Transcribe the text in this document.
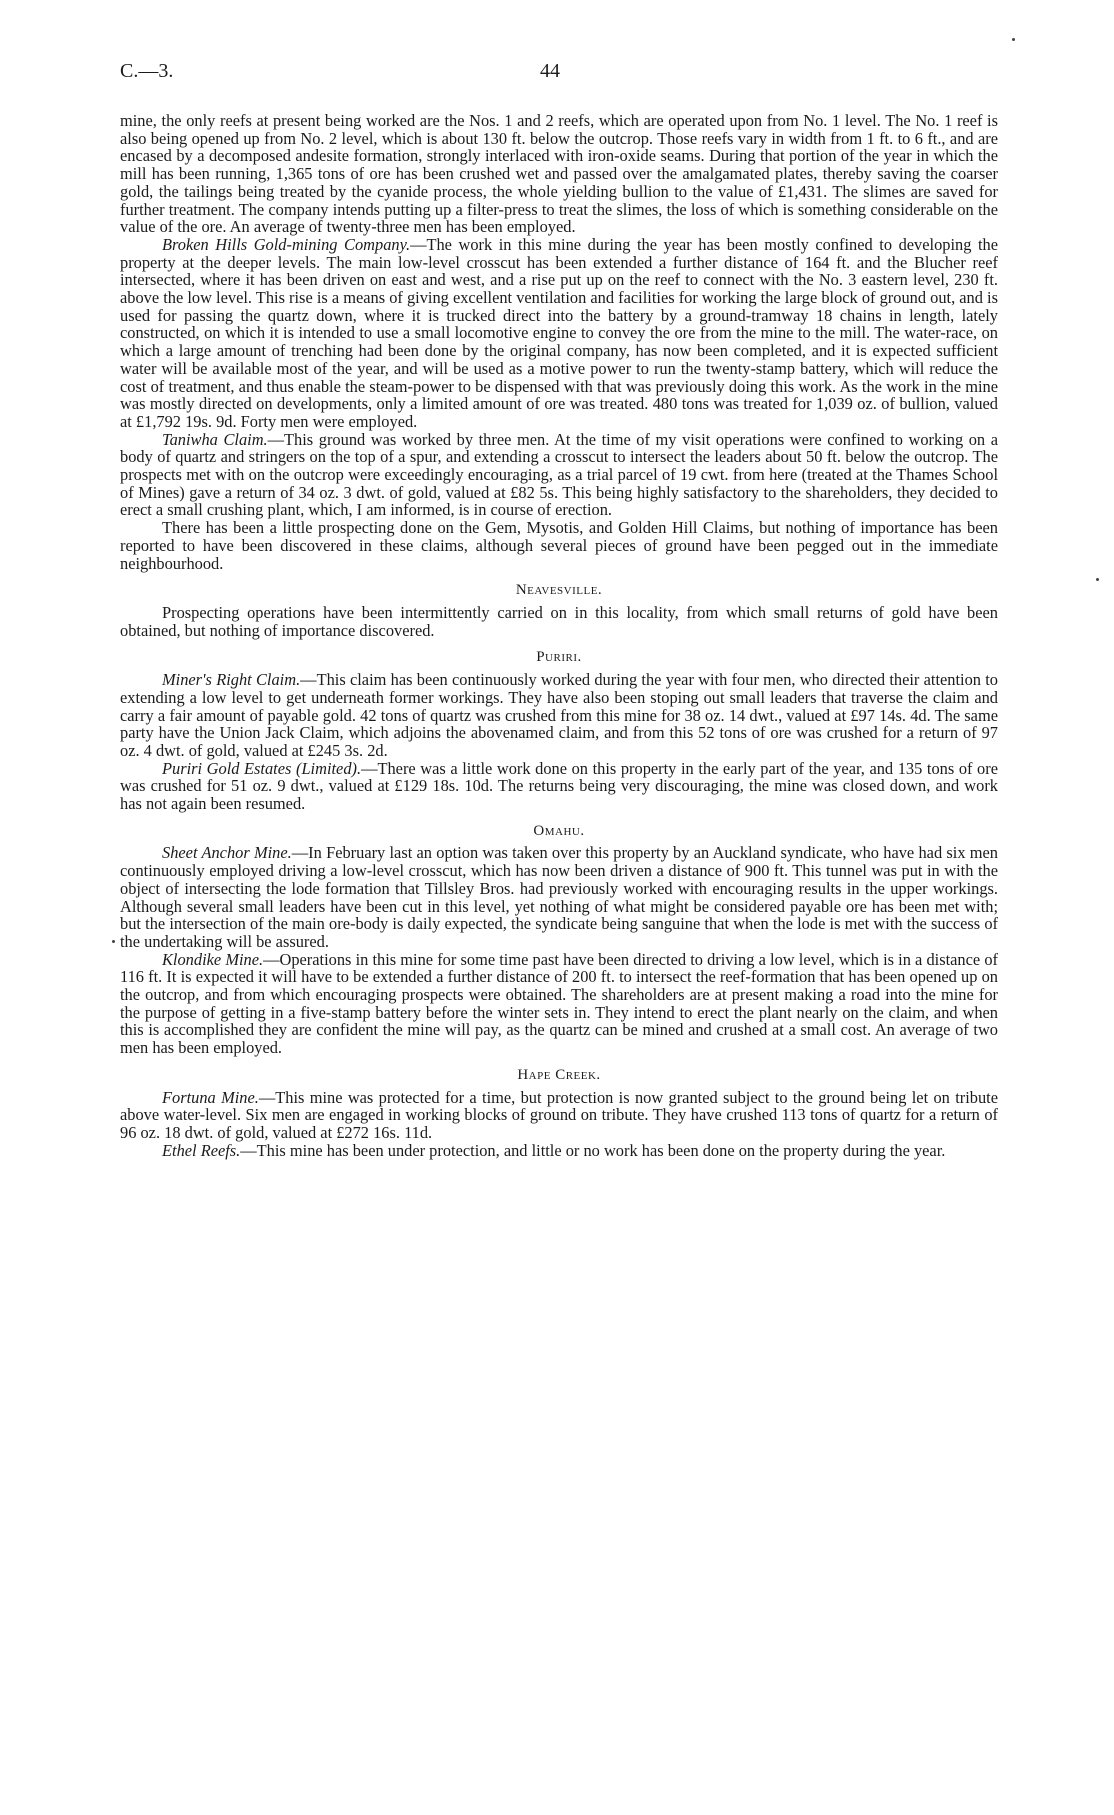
C.—3.	44

mine, the only reefs at present being worked are the Nos. 1 and 2 reefs, which are operated upon from No. 1 level. The No. 1 reef is also being opened up from No. 2 level, which is about 130 ft. below the outcrop. Those reefs vary in width from 1 ft. to 6 ft., and are encased by a decomposed andesite formation, strongly interlaced with iron-oxide seams. During that portion of the year in which the mill has been running, 1,365 tons of ore has been crushed wet and passed over the amalgamated plates, thereby saving the coarser gold, the tailings being treated by the cyanide process, the whole yielding bullion to the value of £1,431. The slimes are saved for further treatment. The company intends putting up a filter-press to treat the slimes, the loss of which is something considerable on the value of the ore. An average of twenty-three men has been employed.

Broken Hills Gold-mining Company.—The work in this mine during the year has been mostly confined to developing the property at the deeper levels. The main low-level crosscut has been extended a further distance of 164 ft. and the Blucher reef intersected, where it has been driven on east and west, and a rise put up on the reef to connect with the No. 3 eastern level, 230 ft. above the low level. This rise is a means of giving excellent ventilation and facilities for working the large block of ground out, and is used for passing the quartz down, where it is trucked direct into the battery by a ground-tramway 18 chains in length, lately constructed, on which it is intended to use a small locomotive engine to convey the ore from the mine to the mill. The water-race, on which a large amount of trenching had been done by the original company, has now been completed, and it is expected sufficient water will be available most of the year, and will be used as a motive power to run the twenty-stamp battery, which will reduce the cost of treatment, and thus enable the steam-power to be dispensed with that was previously doing this work. As the work in the mine was mostly directed on developments, only a limited amount of ore was treated. 480 tons was treated for 1,039 oz. of bullion, valued at £1,792 19s. 9d. Forty men were employed.

Taniwha Claim.—This ground was worked by three men. At the time of my visit operations were confined to working on a body of quartz and stringers on the top of a spur, and extending a crosscut to intersect the leaders about 50 ft. below the outcrop. The prospects met with on the outcrop were exceedingly encouraging, as a trial parcel of 19 cwt. from here (treated at the Thames School of Mines) gave a return of 34 oz. 3 dwt. of gold, valued at £82 5s. This being highly satisfactory to the shareholders, they decided to erect a small crushing plant, which, I am informed, is in course of erection.

There has been a little prospecting done on the Gem, Mysotis, and Golden Hill Claims, but nothing of importance has been reported to have been discovered in these claims, although several pieces of ground have been pegged out in the immediate neighbourhood.

Neavesville.

Prospecting operations have been intermittently carried on in this locality, from which small returns of gold have been obtained, but nothing of importance discovered.

Puriri.

Miner's Right Claim.—This claim has been continuously worked during the year with four men, who directed their attention to extending a low level to get underneath former workings. They have also been stoping out small leaders that traverse the claim and carry a fair amount of payable gold. 42 tons of quartz was crushed from this mine for 38 oz. 14 dwt., valued at £97 14s. 4d. The same party have the Union Jack Claim, which adjoins the abovenamed claim, and from this 52 tons of ore was crushed for a return of 97 oz. 4 dwt. of gold, valued at £245 3s. 2d.

Puriri Gold Estates (Limited).—There was a little work done on this property in the early part of the year, and 135 tons of ore was crushed for 51 oz. 9 dwt., valued at £129 18s. 10d. The returns being very discouraging, the mine was closed down, and work has not again been resumed.

Omahu.

Sheet Anchor Mine.—In February last an option was taken over this property by an Auckland syndicate, who have had six men continuously employed driving a low-level crosscut, which has now been driven a distance of 900 ft. This tunnel was put in with the object of intersecting the lode formation that Tillsley Bros. had previously worked with encouraging results in the upper workings. Although several small leaders have been cut in this level, yet nothing of what might be considered payable ore has been met with; but the intersection of the main ore-body is daily expected, the syndicate being sanguine that when the lode is met with the success of the undertaking will be assured.

Klondike Mine.—Operations in this mine for some time past have been directed to driving a low level, which is in a distance of 116 ft. It is expected it will have to be extended a further distance of 200 ft. to intersect the reef-formation that has been opened up on the outcrop, and from which encouraging prospects were obtained. The shareholders are at present making a road into the mine for the purpose of getting in a five-stamp battery before the winter sets in. They intend to erect the plant nearly on the claim, and when this is accomplished they are confident the mine will pay, as the quartz can be mined and crushed at a small cost. An average of two men has been employed.

Hape Creek.

Fortuna Mine.—This mine was protected for a time, but protection is now granted subject to the ground being let on tribute above water-level. Six men are engaged in working blocks of ground on tribute. They have crushed 113 tons of quartz for a return of 96 oz. 18 dwt. of gold, valued at £272 16s. 11d.

Ethel Reefs.—This mine has been under protection, and little or no work has been done on the property during the year.
